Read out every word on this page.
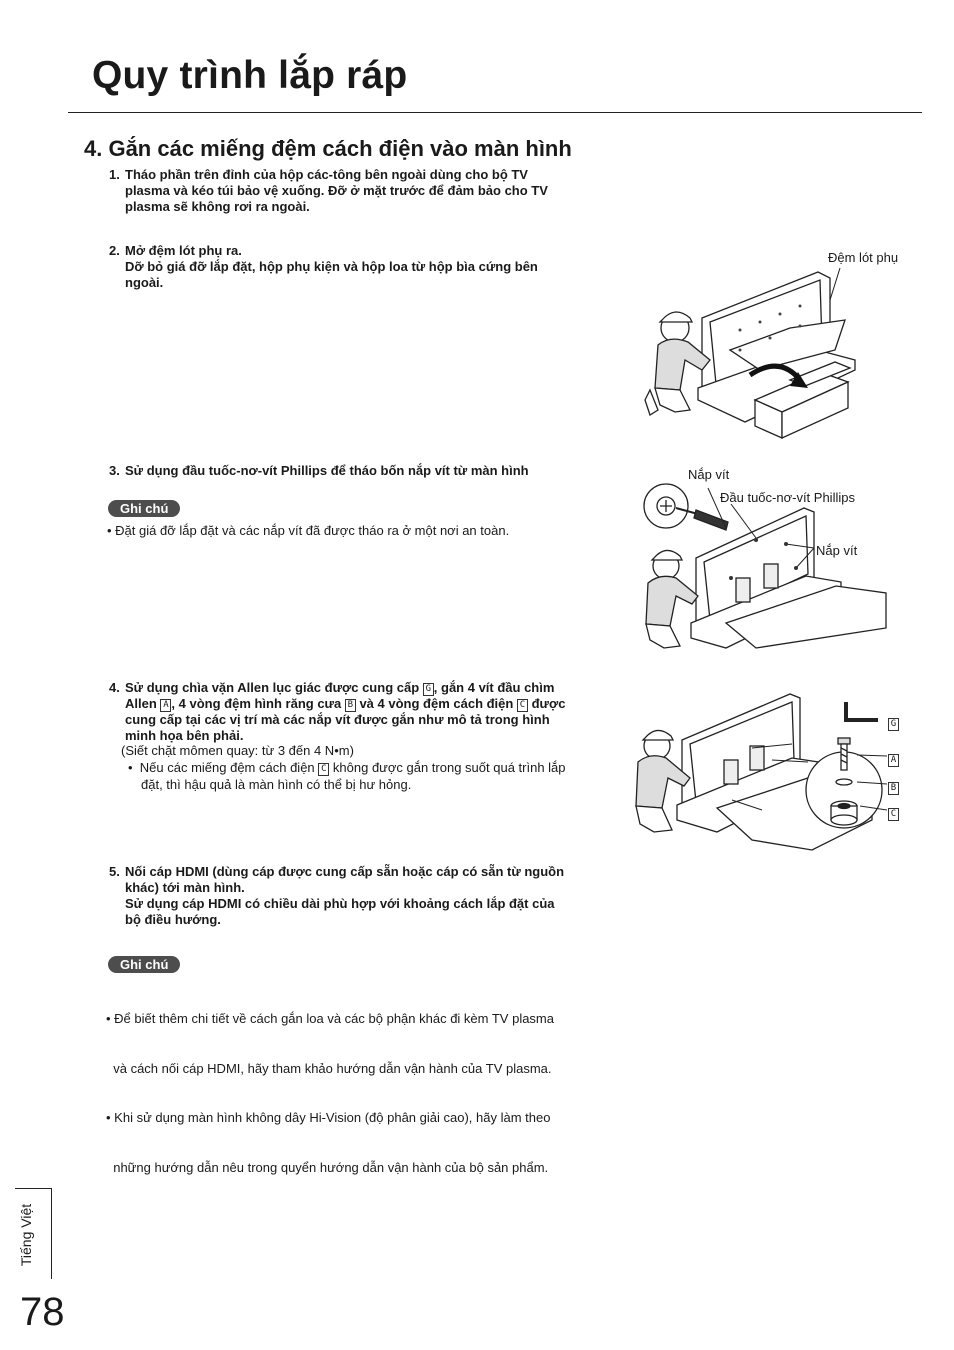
Quy trình lắp ráp
4. Gắn các miếng đệm cách điện vào màn hình
1. Tháo phần trên đỉnh của hộp các-tông bên ngoài dùng cho bộ TV
plasma và kéo túi bảo vệ xuống. Đỡ ở mặt trước để đảm bảo cho TV
plasma sẽ không rơi ra ngoài.
2. Mở đệm lót phụ ra.
Dỡ bỏ giá đỡ lắp đặt, hộp phụ kiện và hộp loa từ hộp bìa cứng bên
ngoài.
3. Sử dụng đầu tuốc-nơ-vít Phillips để tháo bốn nắp vít từ màn hình
Ghi chú
• Đặt giá đỡ lắp đặt và các nắp vít đã được tháo ra ở một nơi an toàn.
4. Sử dụng chìa vặn Allen lục giác được cung cấp G , gắn 4 vít đầu chìm
Allen A , 4 vòng đệm hình răng cưa B và 4 vòng đệm cách điện C được
cung cấp tại các vị trí mà các nắp vít được gắn như mô tả trong hình
minh họa bên phải.
(Siết chặt mômen quay: từ 3 đến 4 N•m)
•  Nếu các miếng đệm cách điện C không được gắn trong suốt quá trình lắp
đặt, thì hậu quả là màn hình có thể bị hư hỏng.
5. Nối cáp HDMI (dùng cáp được cung cấp sẵn hoặc cáp có sẵn từ nguồn
khác) tới màn hình.
Sử dụng cáp HDMI có chiều dài phù hợp với khoảng cách lắp đặt của
bộ điều hướng.
Ghi chú

• Để biết thêm chi tiết về cách gắn loa và các bộ phận khác đi kèm TV plasma

và cách nối cáp HDMI, hãy tham khảo hướng dẫn vận hành của TV plasma.

• Khi sử dụng màn hình không dây Hi-Vision (độ phân giải cao), hãy làm theo

những hướng dẫn nêu trong quyển hướng dẫn vận hành của bộ sản phẩm.

Đệm lót phụ
Nắp vít
Đầu tuốc-nơ-vít Phillips
Nắp vít
G
A
B
C
Tiếng Việt
78
